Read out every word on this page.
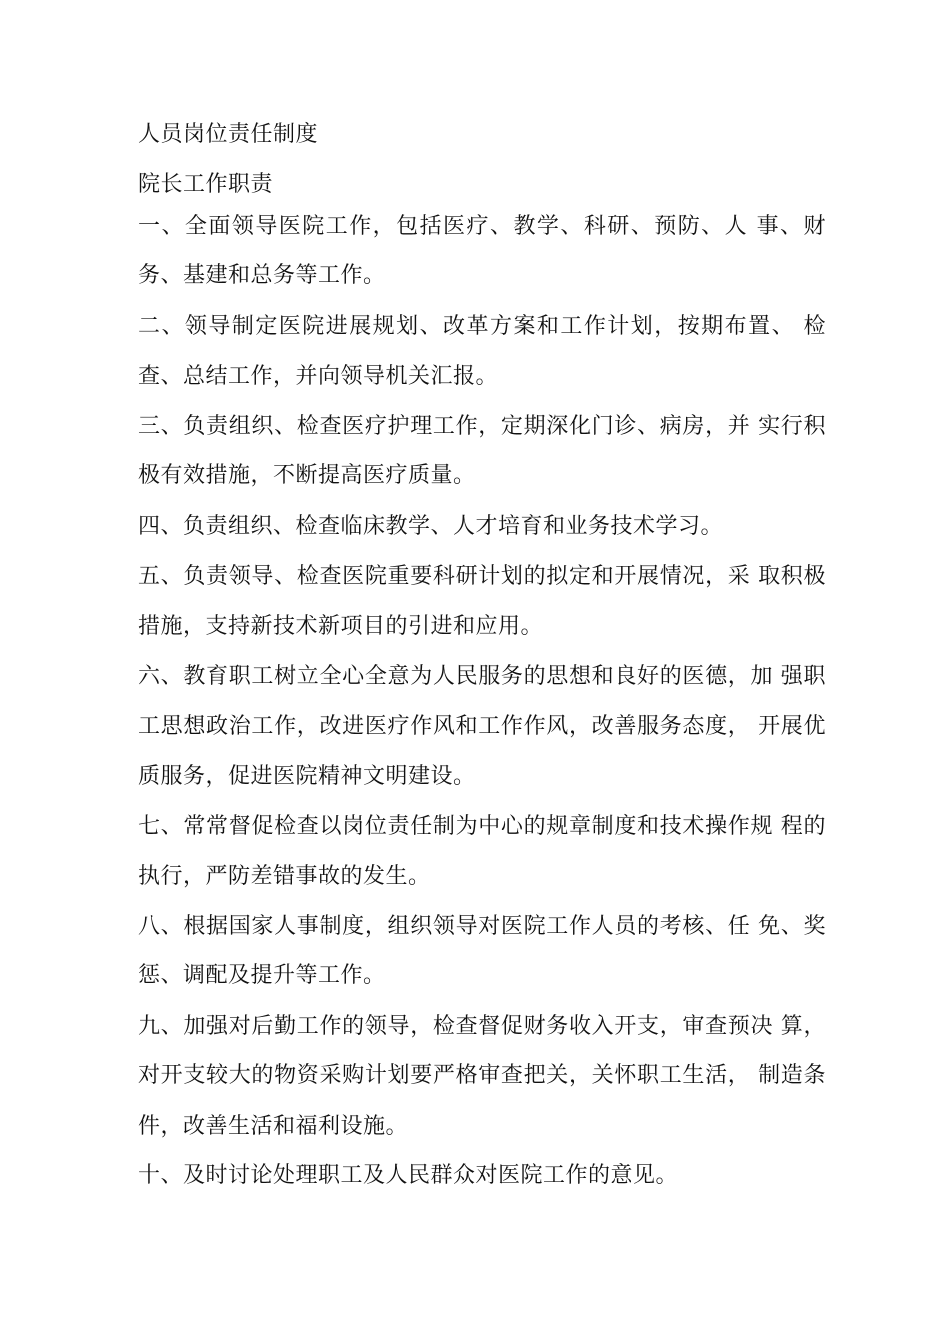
人员岗位责任制度
院长工作职责
一、全面领导医院工作，包括医疗、教学、科研、预防、人 事、财
务、基建和总务等工作。
二、领导制定医院进展规划、改革方案和工作计划，按期布置、 检
查、总结工作，并向领导机关汇报。
三、负责组织、检查医疗护理工作，定期深化门诊、病房，并 实行积
极有效措施，不断提高医疗质量。
四、负责组织、检查临床教学、人才培育和业务技术学习。
五、负责领导、检查医院重要科研计划的拟定和开展情况，采 取积极
措施，支持新技术新项目的引进和应用。
六、教育职工树立全心全意为人民服务的思想和良好的医德，加 强职
工思想政治工作，改进医疗作风和工作作风，改善服务态度， 开展优
质服务，促进医院精神文明建设。
七、常常督促检查以岗位责任制为中心的规章制度和技术操作规 程的
执行，严防差错事故的发生。
八、根据国家人事制度，组织领导对医院工作人员的考核、任 免、奖
惩、调配及提升等工作。
九、加强对后勤工作的领导，检查督促财务收入开支，审查预决 算，
对开支较大的物资采购计划要严格审查把关，关怀职工生活， 制造条
件，改善生活和福利设施。
十、及时讨论处理职工及人民群众对医院工作的意见。
